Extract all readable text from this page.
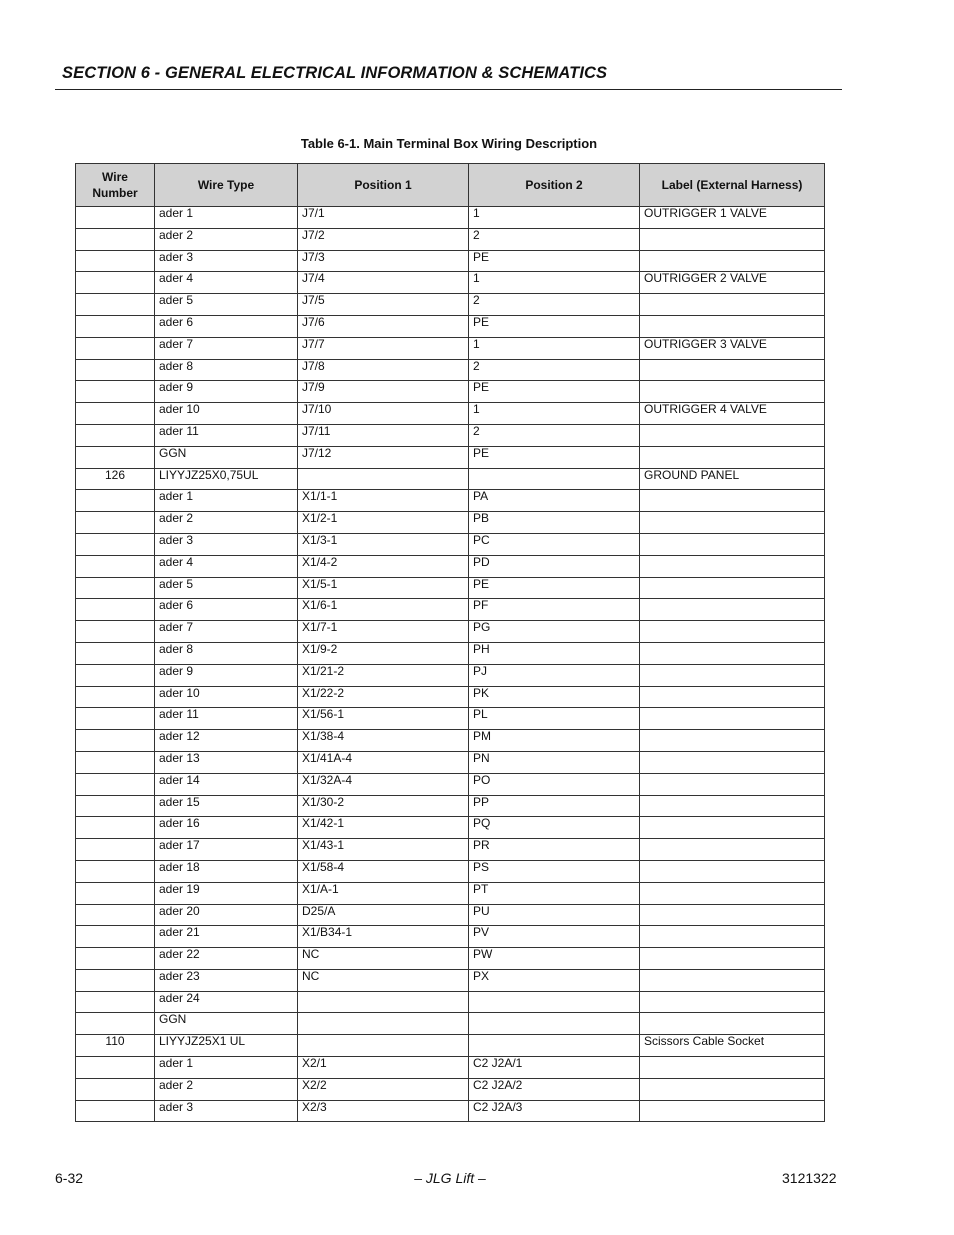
SECTION 6 - GENERAL ELECTRICAL INFORMATION & SCHEMATICS
Table 6-1. Main Terminal Box Wiring Description
Wire Number	Wire Type	Position 1	Position 2	Label (External Harness)
	ader 1	J7/1	1	OUTRIGGER 1 VALVE
	ader 2	J7/2	2	
	ader 3	J7/3	PE	
	ader 4	J7/4	1	OUTRIGGER 2 VALVE
	ader 5	J7/5	2	
	ader 6	J7/6	PE	
	ader 7	J7/7	1	OUTRIGGER 3 VALVE
	ader 8	J7/8	2	
	ader 9	J7/9	PE	
	ader 10	J7/10	1	OUTRIGGER 4 VALVE
	ader 11	J7/11	2	
	GGN	J7/12	PE	
126	LIYYJZ25X0,75UL			GROUND PANEL
	ader 1	X1/1-1	PA	
	ader 2	X1/2-1	PB	
	ader 3	X1/3-1	PC	
	ader 4	X1/4-2	PD	
	ader 5	X1/5-1	PE	
	ader 6	X1/6-1	PF	
	ader 7	X1/7-1	PG	
	ader 8	X1/9-2	PH	
	ader 9	X1/21-2	PJ	
	ader 10	X1/22-2	PK	
	ader 11	X1/56-1	PL	
	ader 12	X1/38-4	PM	
	ader 13	X1/41A-4	PN	
	ader 14	X1/32A-4	PO	
	ader 15	X1/30-2	PP	
	ader 16	X1/42-1	PQ	
	ader 17	X1/43-1	PR	
	ader 18	X1/58-4	PS	
	ader 19	X1/A-1	PT	
	ader 20	D25/A	PU	
	ader 21	X1/B34-1	PV	
	ader 22	NC	PW	
	ader 23	NC	PX	
	ader 24			
	GGN			
110	LIYYJZ25X1 UL			Scissors Cable Socket
	ader 1	X2/1	C2 J2A/1	
	ader 2	X2/2	C2 J2A/2	
	ader 3	X2/3	C2 J2A/3	
6-32	– JLG Lift –	3121322
